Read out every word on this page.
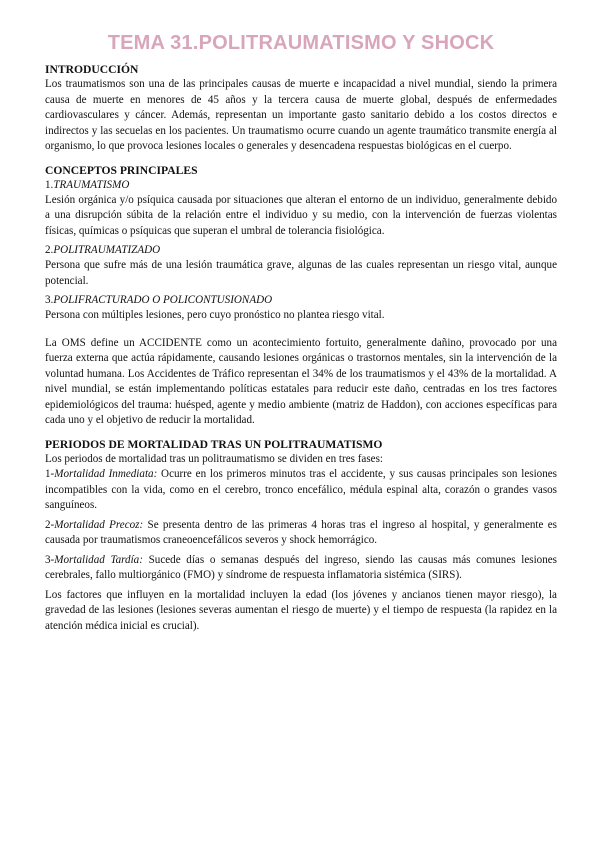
TEMA 31.POLITRAUMATISMO Y SHOCK
INTRODUCCIÓN

Los traumatismos son una de las principales causas de muerte e incapacidad a nivel mundial, siendo la primera causa de muerte en menores de 45 años y la tercera causa de muerte global, después de enfermedades cardiovasculares y cáncer. Además, representan un importante gasto sanitario debido a los costos directos e indirectos y las secuelas en los pacientes. Un traumatismo ocurre cuando un agente traumático transmite energía al organismo, lo que provoca lesiones locales o generales y desencadena respuestas biológicas en el cuerpo.

CONCEPTOS PRINCIPALES
1.TRAUMATISMO

Lesión orgánica y/o psíquica causada por situaciones que alteran el entorno de un individuo, generalmente debido a una disrupción súbita de la relación entre el individuo y su medio, con la intervención de fuerzas violentas físicas, químicas o psíquicas que superan el umbral de tolerancia fisiológica.

2.POLITRAUMATIZADO

Persona que sufre más de una lesión traumática grave, algunas de las cuales representan un riesgo vital, aunque potencial.

3.POLIFRACTURADO O POLICONTUSIONADO

Persona con múltiples lesiones, pero cuyo pronóstico no plantea riesgo vital.

La OMS define un ACCIDENTE como un acontecimiento fortuito, generalmente dañino, provocado por una fuerza externa que actúa rápidamente, causando lesiones orgánicas o trastornos mentales, sin la intervención de la voluntad humana. Los Accidentes de Tráfico representan el 34% de los traumatismos y el 43% de la mortalidad. A nivel mundial, se están implementando políticas estatales para reducir este daño, centradas en los tres factores epidemiológicos del trauma: huésped, agente y medio ambiente (matriz de Haddon), con acciones específicas para cada uno y el objetivo de reducir la mortalidad.

PERIODOS DE MORTALIDAD TRAS UN POLITRAUMATISMO

Los periodos de mortalidad tras un politraumatismo se dividen en tres fases:

1-Mortalidad Inmediata: Ocurre en los primeros minutos tras el accidente, y sus causas principales son lesiones incompatibles con la vida, como en el cerebro, tronco encefálico, médula espinal alta, corazón o grandes vasos sanguíneos.

2-Mortalidad Precoz: Se presenta dentro de las primeras 4 horas tras el ingreso al hospital, y generalmente es causada por traumatismos craneoencefálicos severos y shock hemorrágico.

3-Mortalidad Tardía: Sucede días o semanas después del ingreso, siendo las causas más comunes lesiones cerebrales, fallo multiorgánico (FMO) y síndrome de respuesta inflamatoria sistémica (SIRS).

Los factores que influyen en la mortalidad incluyen la edad (los jóvenes y ancianos tienen mayor riesgo), la gravedad de las lesiones (lesiones severas aumentan el riesgo de muerte) y el tiempo de respuesta (la rapidez en la atención médica inicial es crucial).
